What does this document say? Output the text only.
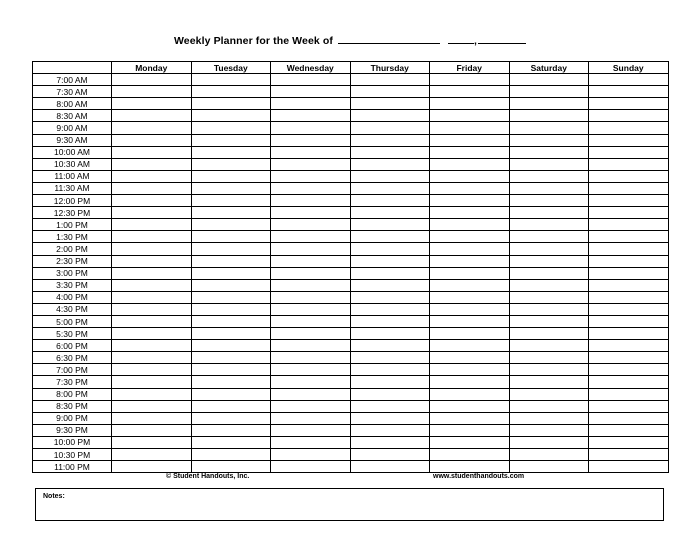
Weekly Planner for the Week of	,
	Monday	Tuesday	Wednesday	Thursday	Friday	Saturday	Sunday
7:00 AM							
7:30 AM							
8:00 AM							
8:30 AM							
9:00 AM							
9:30 AM							
10:00 AM							
10:30 AM							
11:00 AM							
11:30 AM							
12:00 PM							
12:30 PM							
1:00 PM							
1:30 PM							
2:00 PM							
2:30 PM							
3:00 PM							
3:30 PM							
4:00 PM							
4:30 PM							
5:00 PM							
5:30 PM							
6:00 PM							
6:30 PM							
7:00 PM							
7:30 PM							
8:00 PM							
8:30 PM							
9:00 PM							
9:30 PM							
10:00 PM							
10:30 PM							
11:00 PM							
© Student Handouts, Inc.	www.studenthandouts.com
Notes:
